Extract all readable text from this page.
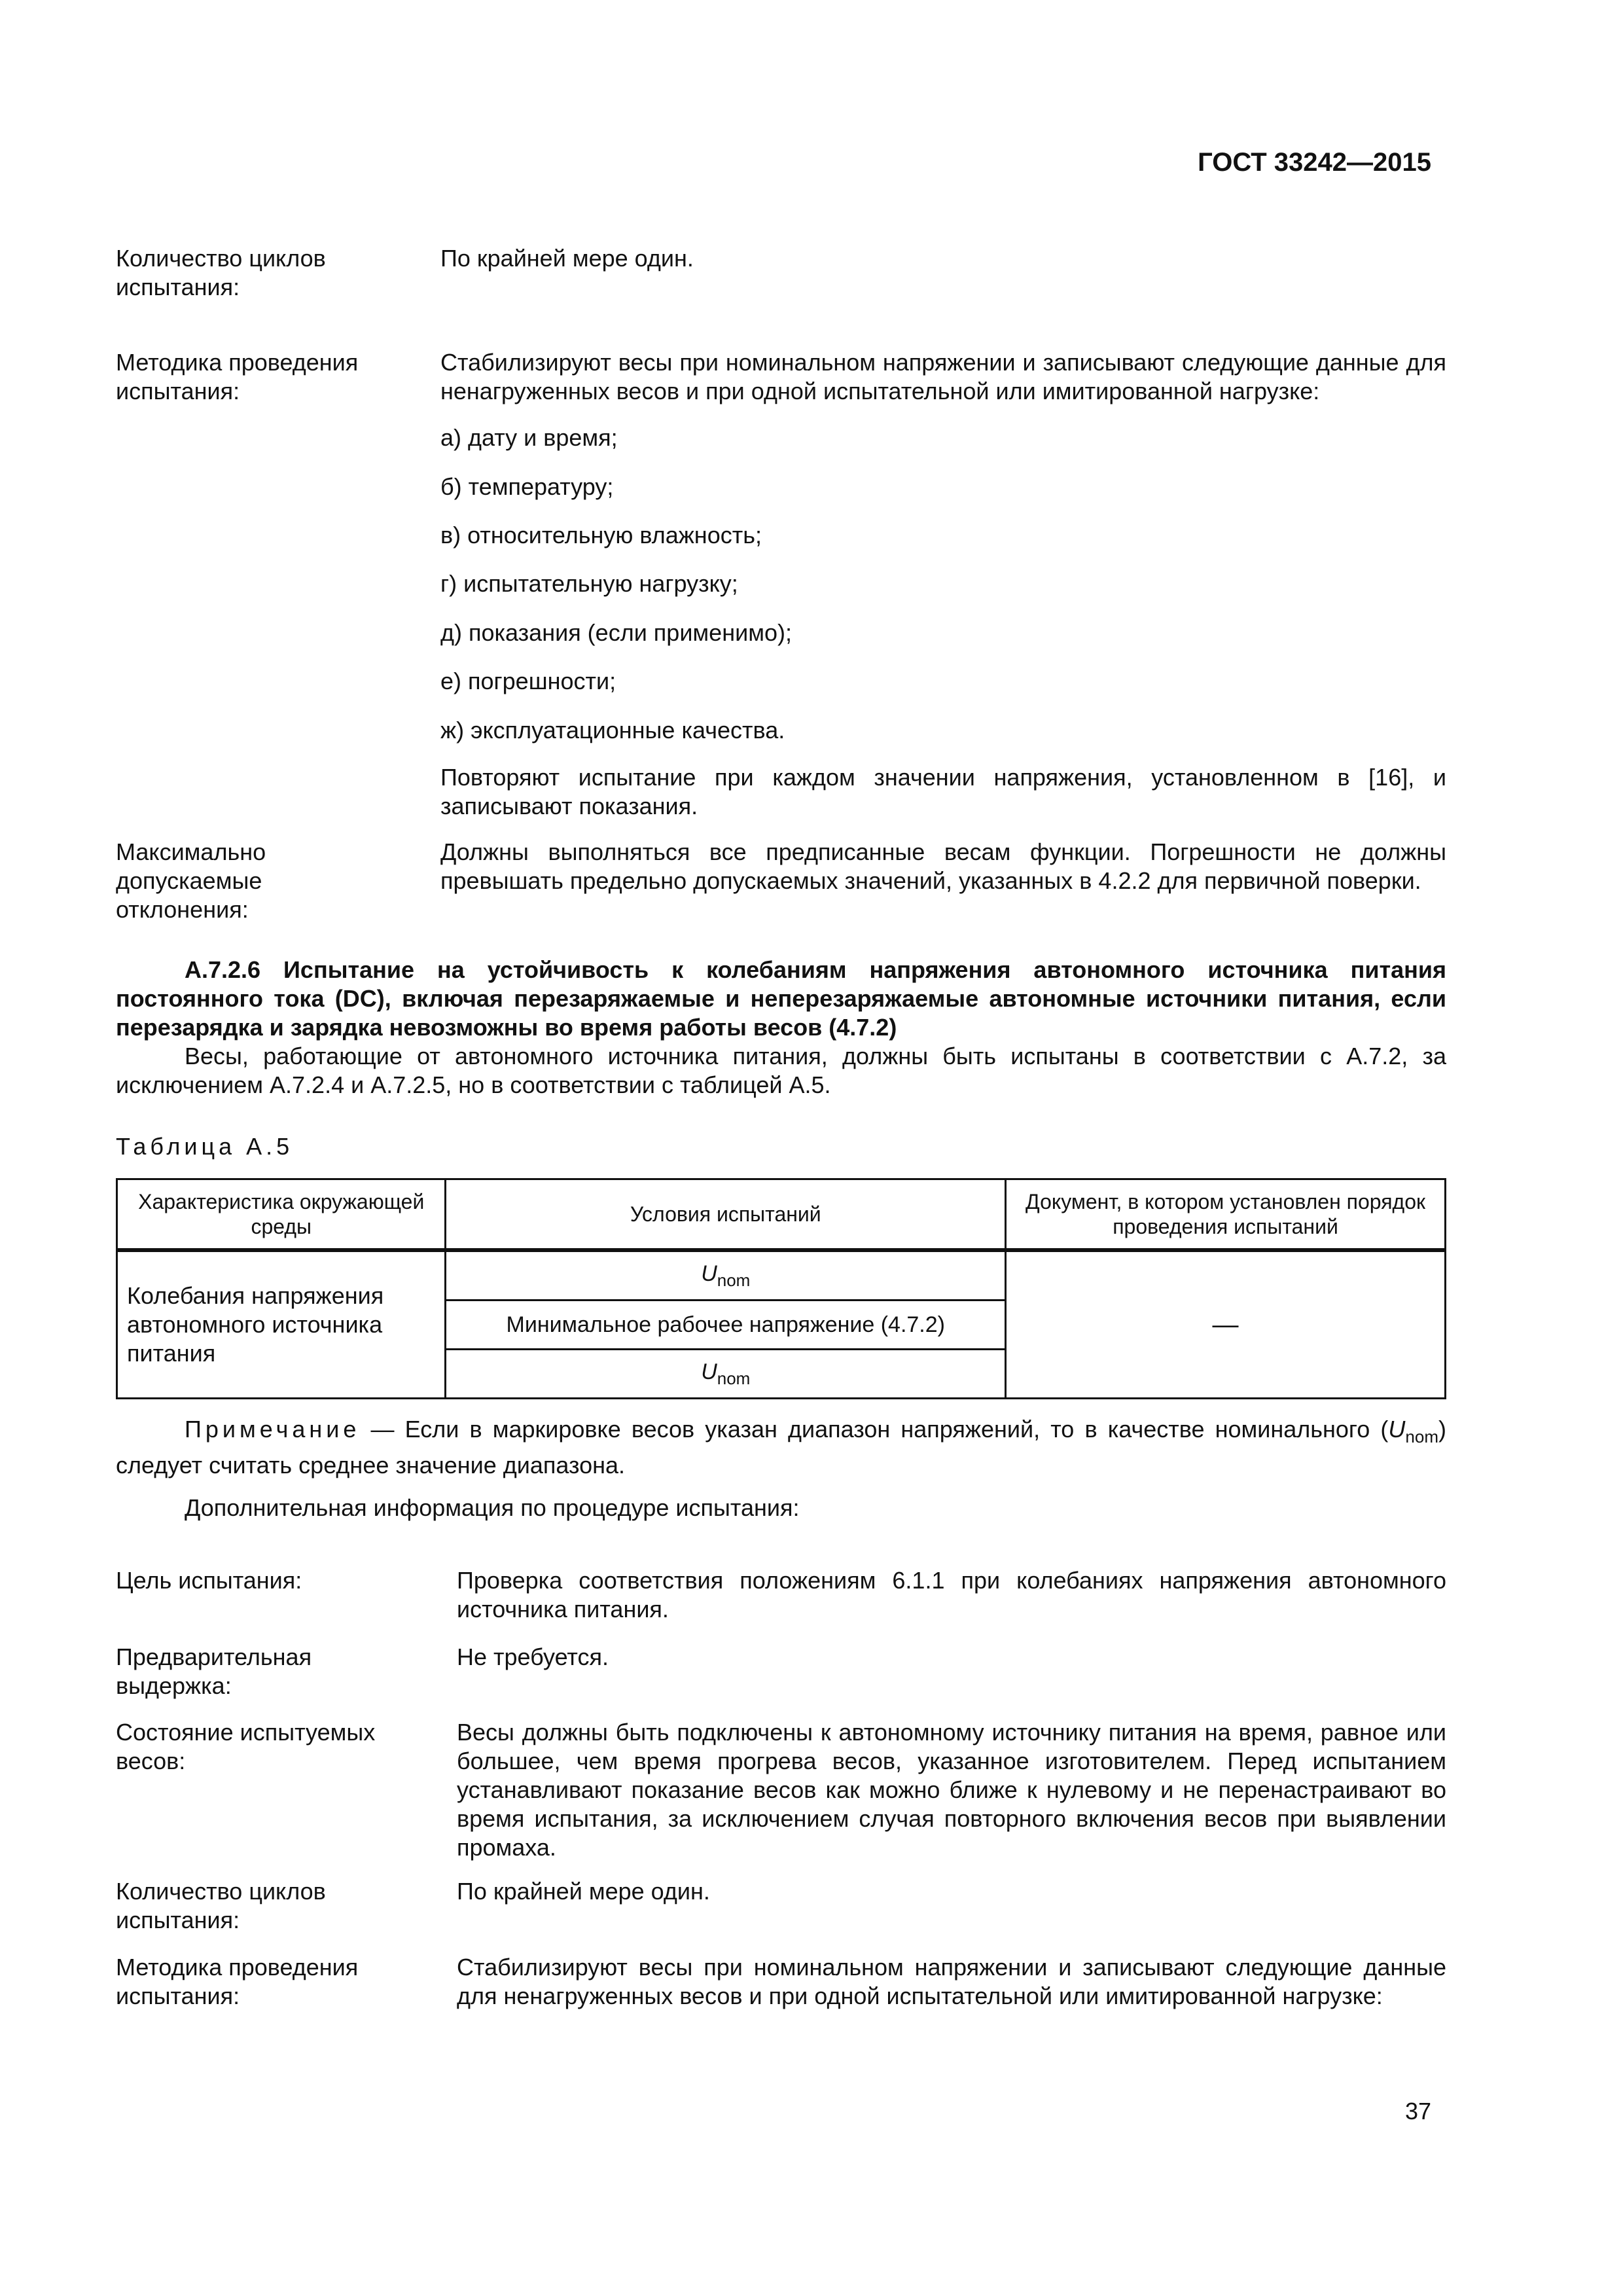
ГОСТ 33242—2015
Количество циклов испытания:
По крайней мере один.
Методика проведения испытания:
Стабилизируют весы при номинальном напряжении и записывают следующие данные для ненагруженных весов и при одной испытательной или имитированной нагрузке:
а) дату и время;
б) температуру;
в) относительную влажность;
г) испытательную нагрузку;
д) показания (если применимо);
е) погрешности;
ж) эксплуатационные качества.
Повторяют испытание при каждом значении напряжения, установленном в [16], и записывают показания.
Максимально допускаемые отклонения:
Должны выполняться все предписанные весам функции. Погрешности не должны превышать предельно допускаемых значений, указанных в 4.2.2 для первичной поверки.
А.7.2.6 Испытание на устойчивость к колебаниям напряжения автономного источника питания постоянного тока (DC), включая перезаряжаемые и неперезаряжаемые автономные источники питания, если перезарядка и зарядка невозможны во время работы весов (4.7.2)
Весы, работающие от автономного источника питания, должны быть испытаны в соответствии с А.7.2, за исключением А.7.2.4 и А.7.2.5, но в соответствии с таблицей А.5.
Таблица А.5
Характеристика окружающей среды	Условия испытаний	Документ, в котором установлен порядок проведения испытаний
Колебания напряжения автономного источника питания	$U_{nom}$	—
	Минимальное рабочее напряжение (4.7.2)	
	$U_{nom}$
Примечание — Если в маркировке весов указан диапазон напряжений, то в качестве номинального $(U_{nom})$ следует считать среднее значение диапазона.
Дополнительная информация по процедуре испытания:
Цель испытания:	Проверка соответствия положениям 6.1.1 при колебаниях напряжения автономного источника питания.
Предварительная выдержка:
Не требуется.
Состояние испытуемых весов:
Весы должны быть подключены к автономному источнику питания на время, равное или большее, чем время прогрева весов, указанное изготовителем. Перед испытанием устанавливают показание весов как можно ближе к нулевому и не перенастраивают во время испытания, за исключением случая повторного включения весов при выявлении промаха.
Количество циклов испытания:
По крайней мере один.
Методика проведения испытания:
Стабилизируют весы при номинальном напряжении и записывают следующие данные для ненагруженных весов и при одной испытательной или имитированной нагрузке:
37
